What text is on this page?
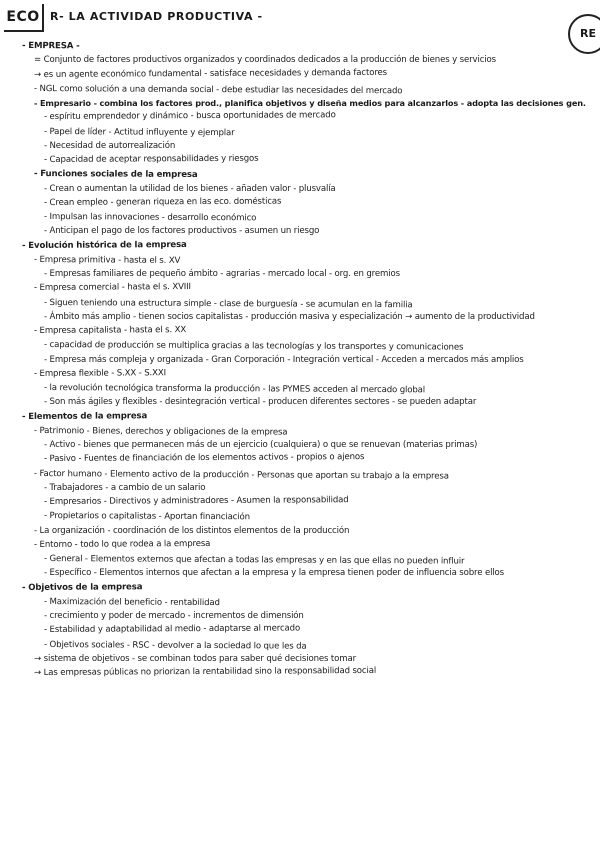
ECO R- LA ACTIVIDAD PRODUCTIVA -
RE
- EMPRESA -
= Conjunto de factores productivos organizados y coordinados dedicados a la producción de bienes y servicios
→ es un agente económico fundamental - satisface necesidades y demanda factores
- NGL como solución a una demanda social - debe estudiar las necesidades del mercado
- Empresario - combina los factores prod., planifica objetivos y diseña medios para alcanzarlos - adopta las decisiones gen.
- espíritu emprendedor y dinámico - busca oportunidades de mercado
- Papel de líder - Actitud influyente y ejemplar
- Necesidad de autorrealización
- Capacidad de aceptar responsabilidades y riesgos
- Funciones sociales de la empresa
- Crean o aumentan la utilidad de los bienes - añaden valor - plusvalía
- Crean empleo - generan riqueza en las eco. domésticas
- Impulsan las innovaciones - desarrollo económico
- Anticipan el pago de los factores productivos - asumen un riesgo
- Evolución histórica de la empresa
- Empresa primitiva - hasta el s. XV
- Empresas familiares de pequeño ámbito - agrarias - mercado local - org. en gremios
- Empresa comercial - hasta el s. XVIII
- Siguen teniendo una estructura simple - clase de burguesía - se acumulan en la familia
- Ámbito más amplio - tienen socios capitalistas - producción masiva y especialización → aumento de la productividad
- Empresa capitalista - hasta el s. XX
- capacidad de producción se multiplica gracias a las tecnologías y los transportes y comunicaciones
- Empresa más compleja y organizada - Gran Corporación - Integración vertical - Acceden a mercados más amplios
- Empresa flexible - S.XX - S.XXI
- la revolución tecnológica transforma la producción - las PYMES acceden al mercado global
- Son más ágiles y flexibles - desintegración vertical - producen diferentes sectores - se pueden adaptar
- Elementos de la empresa
- Patrimonio - Bienes, derechos y obligaciones de la empresa
- Activo - bienes que permanecen más de un ejercicio (cualquiera) o que se renuevan (materias primas)
- Pasivo - Fuentes de financiación de los elementos activos - propios o ajenos
- Factor humano - Elemento activo de la producción - Personas que aportan su trabajo a la empresa
- Trabajadores - a cambio de un salario
- Empresarios - Directivos y administradores - Asumen la responsabilidad
- Propietarios o capitalistas - Aportan financiación
- La organización - coordinación de los distintos elementos de la producción
- Entorno - todo lo que rodea a la empresa
- General - Elementos externos que afectan a todas las empresas y en las que ellas no pueden influir
- Específico - Elementos internos que afectan a la empresa y la empresa tienen poder de influencia sobre ellos
- Objetivos de la empresa
- Maximización del beneficio - rentabilidad
- crecimiento y poder de mercado - incrementos de dimensión
- Estabilidad y adaptabilidad al medio - adaptarse al mercado
- Objetivos sociales - RSC - devolver a la sociedad lo que les da
→ sistema de objetivos - se combinan todos para saber qué decisiones tomar
→ Las empresas públicas no priorizan la rentabilidad sino la responsabilidad social
